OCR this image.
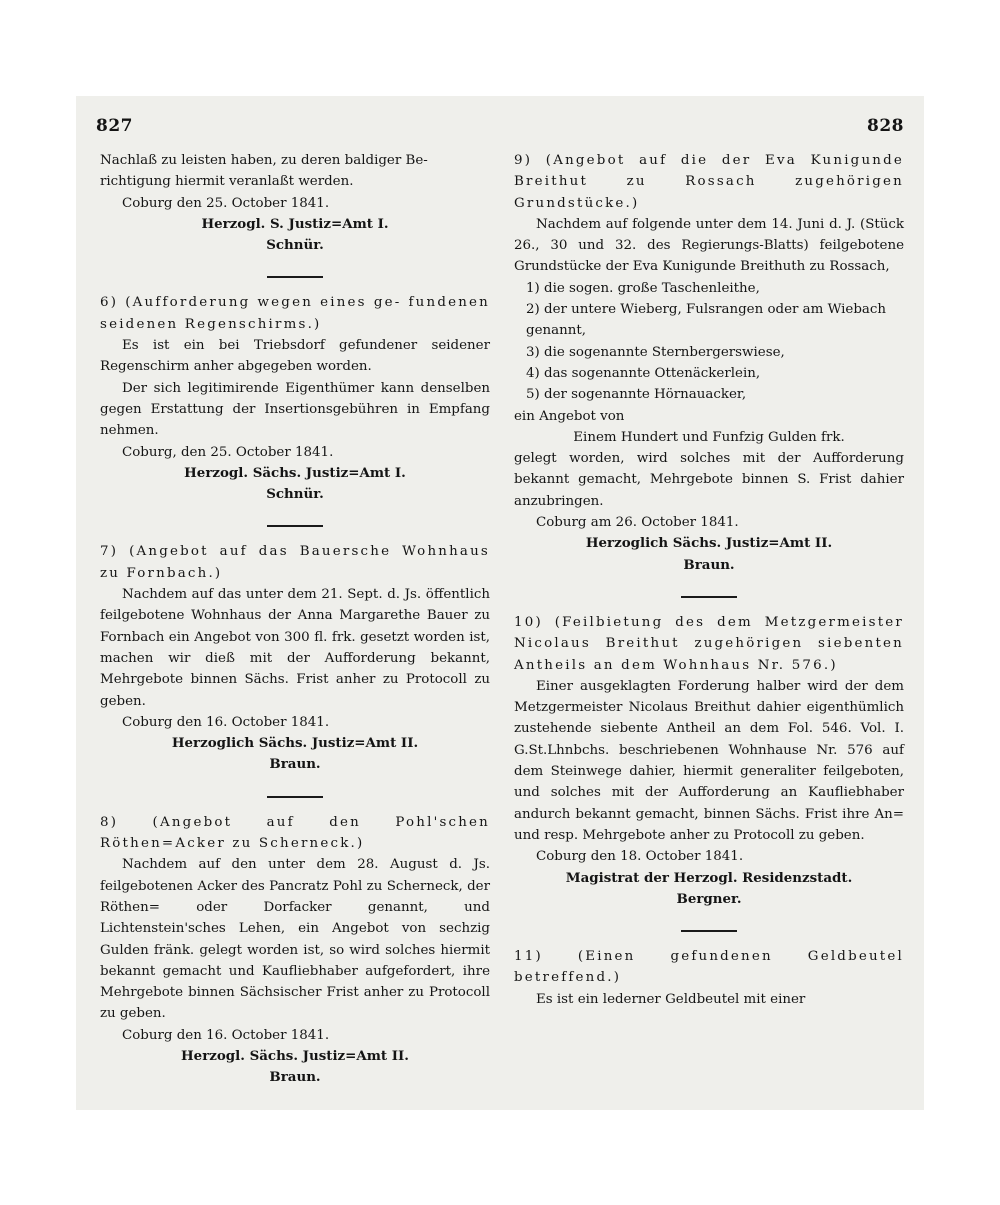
827	828

Nachlaß zu leisten haben, zu deren baldiger Be-

richtigung hiermit veranlaßt werden.

Coburg den 25. October 1841.

Herzogl. S. Justiz=Amt I.

Schnür.

6) (Aufforderung wegen eines ge- fundenen seidenen Regenschirms.)

Es ist ein bei Triebsdorf gefundener seidener Regenschirm anher abgegeben worden.

Der sich legitimirende Eigenthümer kann denselben gegen Erstattung der Insertionsgebühren in Empfang nehmen.

Coburg, den 25. October 1841.

Herzogl. Sächs. Justiz=Amt I.

Schnür.

7) (Angebot auf das Bauersche Wohnhaus zu Fornbach.)

Nachdem auf das unter dem 21. Sept. d. Js. öffentlich feilgebotene Wohnhaus der Anna Margarethe Bauer zu Fornbach ein Angebot von 300 fl. frk. gesetzt worden ist, machen wir dieß mit der Aufforderung bekannt, Mehrgebote binnen Sächs. Frist anher zu Protocoll zu geben.

Coburg den 16. October 1841.

Herzoglich Sächs. Justiz=Amt II.

Braun.

8) (Angebot auf den Pohl'schen Röthen=Acker zu Scherneck.)

Nachdem auf den unter dem 28. August d. Js. feilgebotenen Acker des Pancratz Pohl zu Scherneck, der Röthen= oder Dorfacker genannt, und Lichtenstein'sches Lehen, ein Angebot von sechzig Gulden fränk. gelegt worden ist, so wird solches hiermit bekannt gemacht und Kaufliebhaber aufgefordert, ihre Mehrgebote binnen Sächsischer Frist anher zu Protocoll zu geben.

Coburg den 16. October 1841.

Herzogl. Sächs. Justiz=Amt II.

Braun.

9) (Angebot auf die der Eva Kunigunde Breithut zu Rossach zugehörigen Grundstücke.)

Nachdem auf folgende unter dem 14. Juni d. J. (Stück 26., 30 und 32. des Regierungs-Blatts) feilgebotene Grundstücke der Eva Kunigunde Breithuth zu Rossach,

1) die sogen. große Taschenleithe,
2) der untere Wieberg, Fulsrangen oder am Wiebach genannt,
3) die sogenannte Sternbergerswiese,
4) das sogenannte Ottenäckerlein,
5) der sogenannte Hörnauacker,

ein Angebot von

Einem Hundert und Funfzig Gulden frk.

gelegt worden, wird solches mit der Aufforderung bekannt gemacht, Mehrgebote binnen S. Frist dahier anzubringen.

Coburg am 26. October 1841.

Herzoglich Sächs. Justiz=Amt II.

Braun.

10) (Feilbietung des dem Metzgermeister Nicolaus Breithut zugehörigen siebenten Antheils an dem Wohnhaus Nr. 576.)

Einer ausgeklagten Forderung halber wird der dem Metzgermeister Nicolaus Breithut dahier eigenthümlich zustehende siebente Antheil an dem Fol. 546. Vol. I. G.St.Lhnbchs. beschriebenen Wohnhause Nr. 576 auf dem Steinwege dahier, hiermit generaliter feilgeboten, und solches mit der Aufforderung an Kaufliebhaber andurch bekannt gemacht, binnen Sächs. Frist ihre An= und resp. Mehrgebote anher zu Protocoll zu geben.

Coburg den 18. October 1841.

Magistrat der Herzogl. Residenzstadt.

Bergner.

11) (Einen gefundenen Geldbeutel betreffend.)

Es ist ein lederner Geldbeutel mit einer
